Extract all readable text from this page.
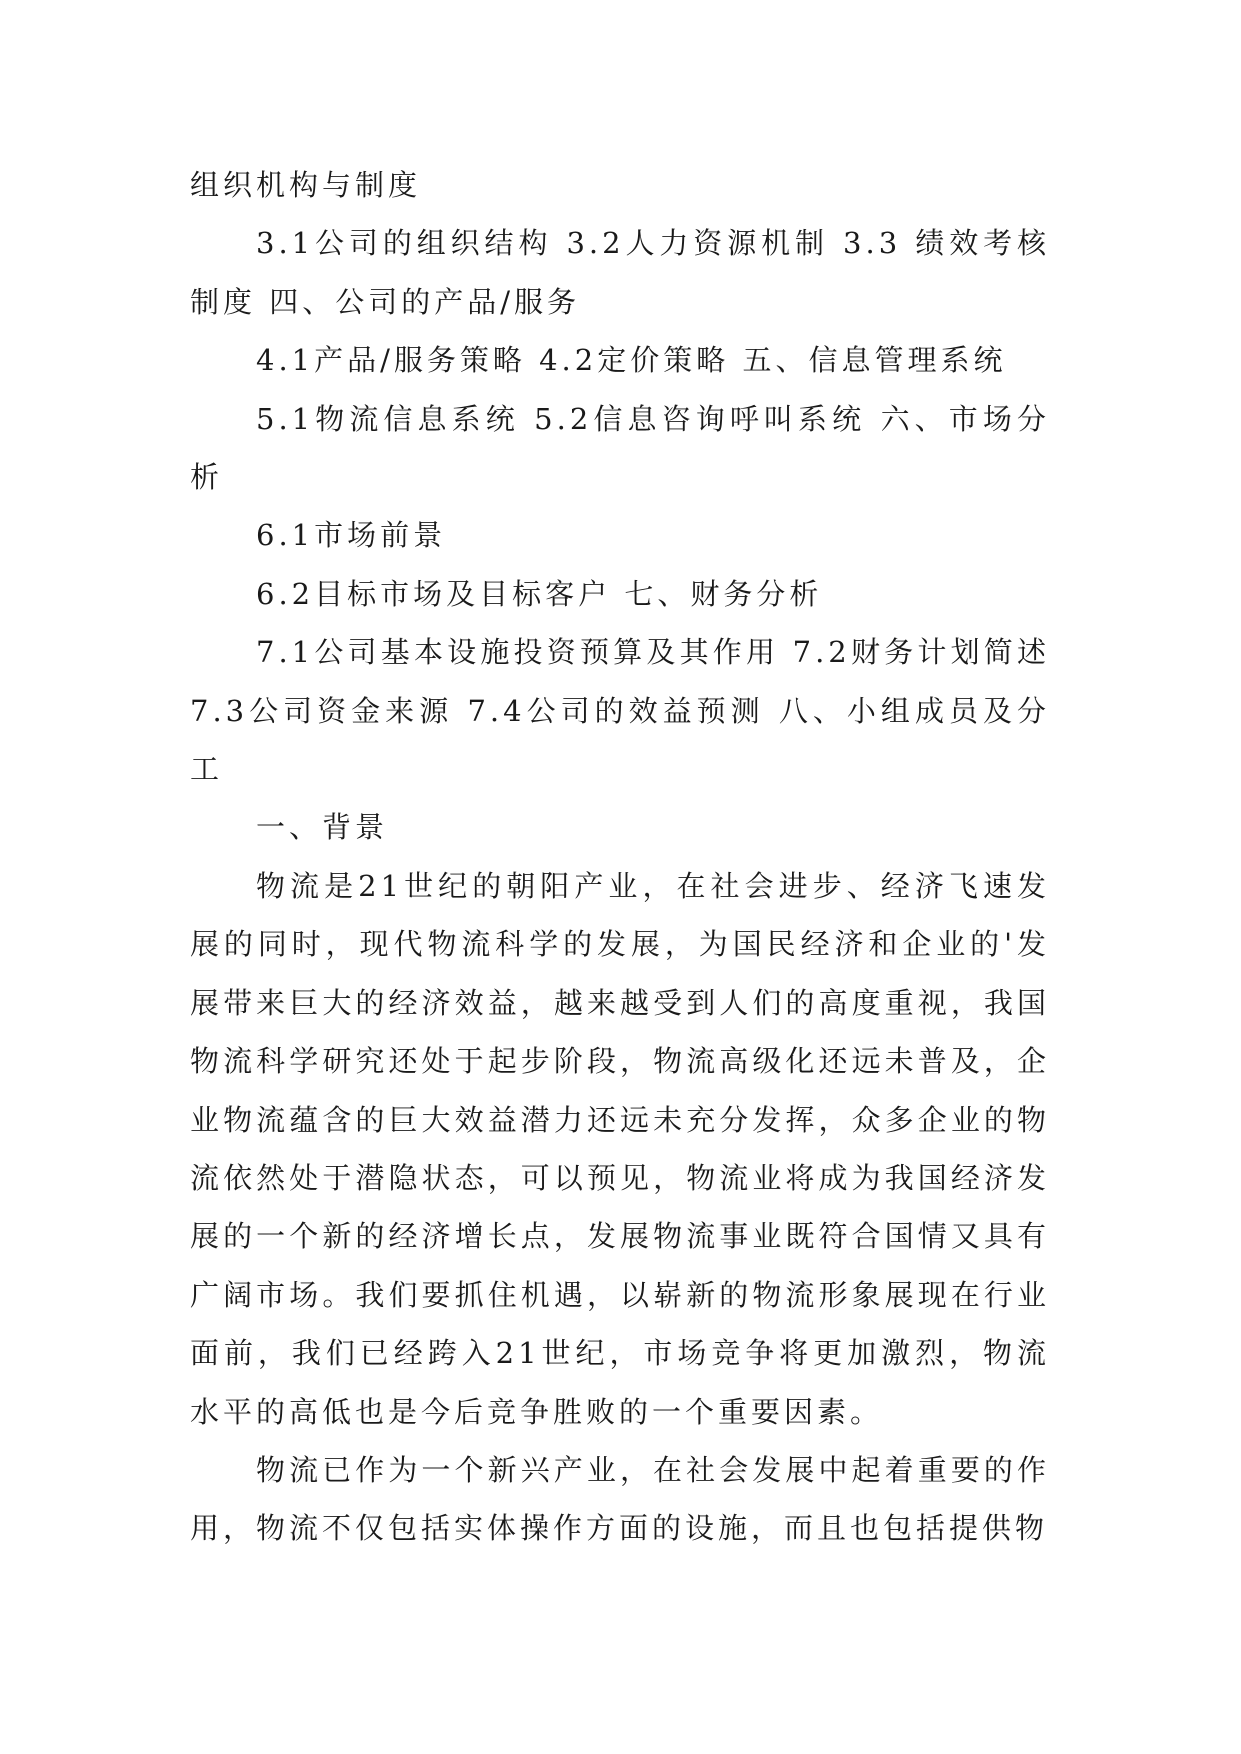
组织机构与制度

3.1公司的组织结构 3.2人力资源机制 3.3 绩效考核制度 四、公司的产品/服务

4.1产品/服务策略 4.2定价策略 五、信息管理系统

5.1物流信息系统 5.2信息咨询呼叫系统 六、市场分析

6.1市场前景

6.2目标市场及目标客户 七、财务分析

7.1公司基本设施投资预算及其作用 7.2财务计划简述 7.3公司资金来源 7.4公司的效益预测 八、小组成员及分工

一、背景

物流是21世纪的朝阳产业，在社会进步、经济飞速发展的同时，现代物流科学的发展，为国民经济和企业的'发展带来巨大的经济效益，越来越受到人们的高度重视，我国物流科学研究还处于起步阶段，物流高级化还远未普及，企业物流蕴含的巨大效益潜力还远未充分发挥，众多企业的物流依然处于潜隐状态，可以预见，物流业将成为我国经济发展的一个新的经济增长点，发展物流事业既符合国情又具有广阔市场。我们要抓住机遇，以崭新的物流形象展现在行业面前，我们已经跨入21世纪，市场竞争将更加激烈，物流水平的高低也是今后竞争胜败的一个重要因素。

物流已作为一个新兴产业，在社会发展中起着重要的作用，物流不仅包括实体操作方面的设施，而且也包括提供物
